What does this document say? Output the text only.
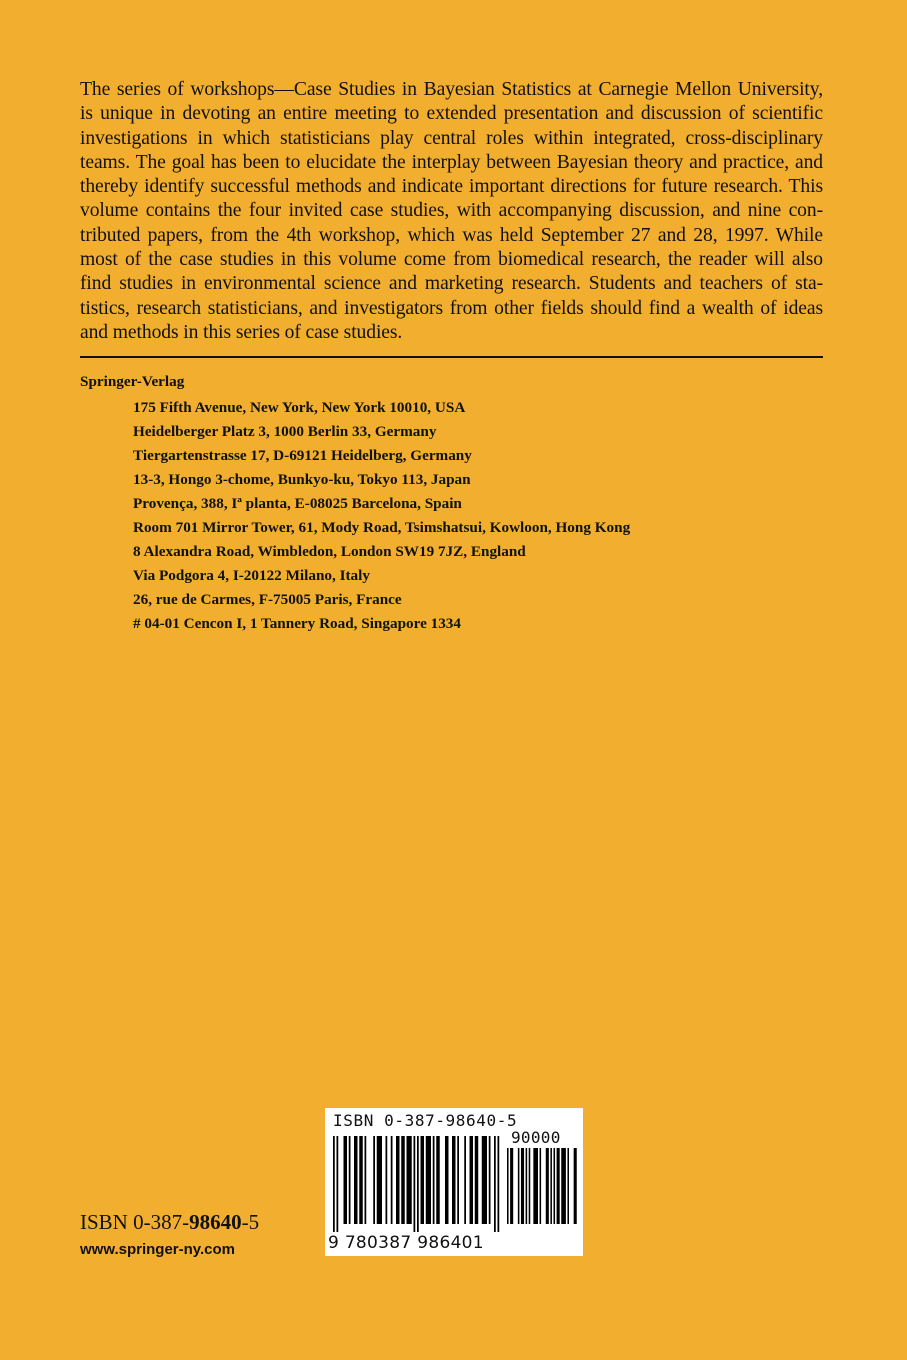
The series of workshops—Case Studies in Bayesian Statistics at Carnegie Mellon University,
is unique in devoting an entire meeting to extended presentation and discussion of scientific
investigations in which statisticians play central roles within integrated, cross-disciplinary
teams. The goal has been to elucidate the interplay between Bayesian theory and practice, and
thereby identify successful methods and indicate important directions for future research. This
volume contains the four invited case studies, with accompanying discussion, and nine con-
tributed papers, from the 4th workshop, which was held September 27 and 28, 1997. While
most of the case studies in this volume come from biomedical research, the reader will also
find studies in environmental science and marketing research. Students and teachers of sta-
tistics, research statisticians, and investigators from other fields should find a wealth of ideas
and methods in this series of case studies.
Springer-Verlag
175 Fifth Avenue, New York, New York 10010, USA
Heidelberger Platz 3, 1000 Berlin 33, Germany
Tiergartenstrasse 17, D-69121 Heidelberg, Germany
13-3, Hongo 3-chome, Bunkyo-ku, Tokyo 113, Japan
Provença, 388, Iª planta, E-08025 Barcelona, Spain
Room 701 Mirror Tower, 61, Mody Road, Tsimshatsui, Kowloon, Hong Kong
8 Alexandra Road, Wimbledon, London SW19 7JZ, England
Via Podgora 4, I-20122 Milano, Italy
26, rue de Carmes, F-75005 Paris, France
# 04-01 Cencon I, 1 Tannery Road, Singapore 1334
ISBN 0-387-98640-5
www.springer-ny.com
ISBN 0-387-98640-5
90000
9 780387 986401
